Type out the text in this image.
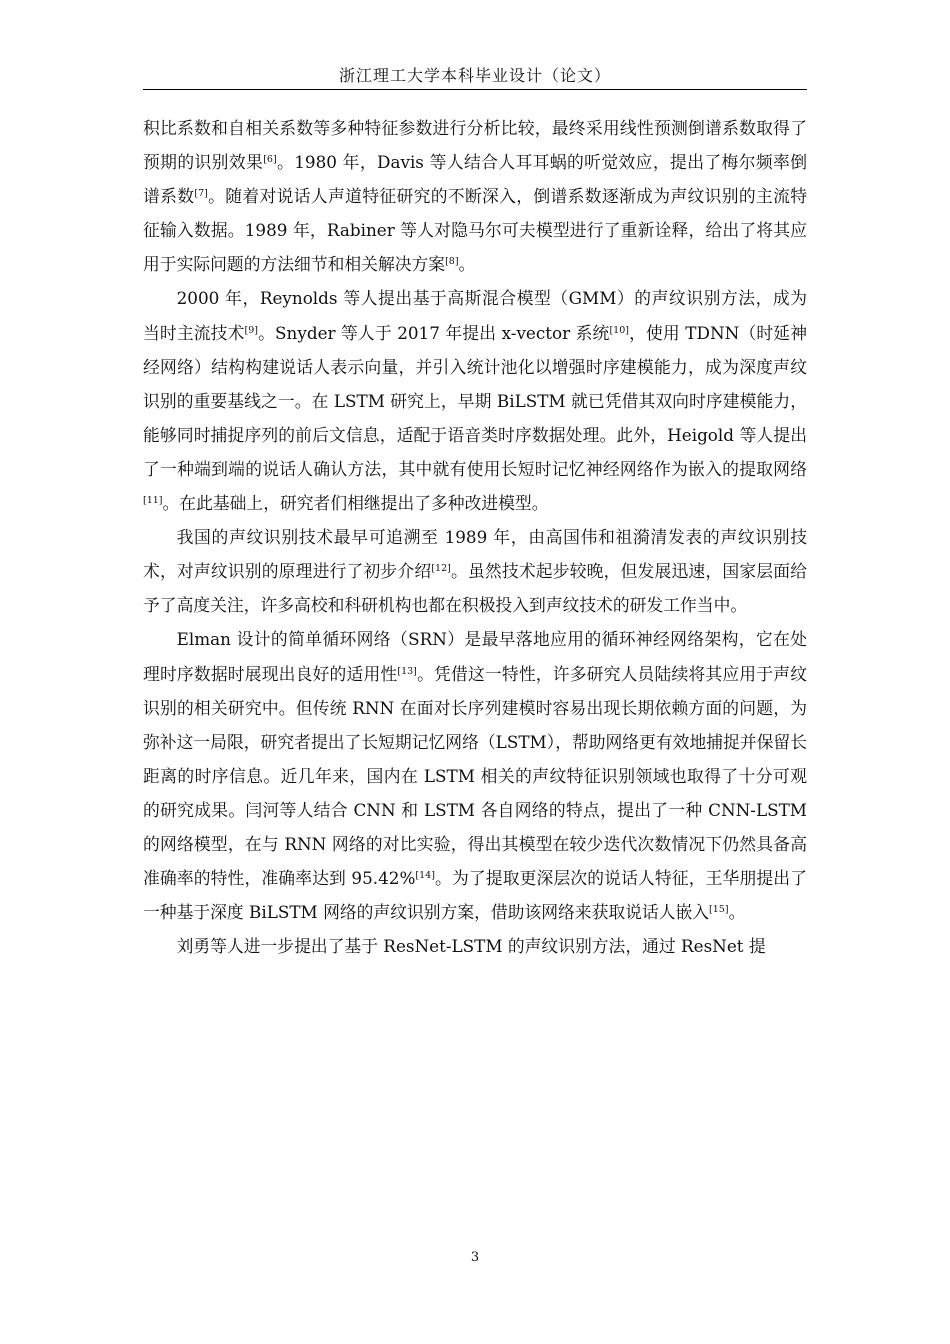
浙江理工大学本科毕业设计（论文）

积比系数和自相关系数等多种特征参数进行分析比较，最终采用线性预测倒谱系数取得了预期的识别效果[6]。1980 年，Davis 等人结合人耳耳蜗的听觉效应，提出了梅尔频率倒谱系数[7]。随着对说话人声道特征研究的不断深入，倒谱系数逐渐成为声纹识别的主流特征输入数据。1989 年，Rabiner 等人对隐马尔可夫模型进行了重新诠释，给出了将其应用于实际问题的方法细节和相关解决方案[8]。

2000 年，Reynolds 等人提出基于高斯混合模型（GMM）的声纹识别方法，成为当时主流技术[9]。Snyder 等人于 2017 年提出 x-vector 系统[10]，使用 TDNN（时延神经网络）结构构建说话人表示向量，并引入统计池化以增强时序建模能力，成为深度声纹识别的重要基线之一。在 LSTM 研究上，早期 BiLSTM 就已凭借其双向时序建模能力，能够同时捕捉序列的前后文信息，适配于语音类时序数据处理。此外，Heigold 等人提出了一种端到端的说话人确认方法，其中就有使用长短时记忆神经网络作为嵌入的提取网络[11]。在此基础上，研究者们相继提出了多种改进模型。

我国的声纹识别技术最早可追溯至 1989 年，由高国伟和祖漪清发表的声纹识别技术，对声纹识别的原理进行了初步介绍[12]。虽然技术起步较晚，但发展迅速，国家层面给予了高度关注，许多高校和科研机构也都在积极投入到声纹技术的研发工作当中。

Elman 设计的简单循环网络（SRN）是最早落地应用的循环神经网络架构，它在处理时序数据时展现出良好的适用性[13]。凭借这一特性，许多研究人员陆续将其应用于声纹识别的相关研究中。但传统 RNN 在面对长序列建模时容易出现长期依赖方面的问题，为弥补这一局限，研究者提出了长短期记忆网络（LSTM），帮助网络更有效地捕捉并保留长距离的时序信息。近几年来，国内在 LSTM 相关的声纹特征识别领域也取得了十分可观的研究成果。闫河等人结合 CNN 和 LSTM 各自网络的特点，提出了一种 CNN-LSTM 的网络模型，在与 RNN 网络的对比实验，得出其模型在较少迭代次数情况下仍然具备高准确率的特性，准确率达到 95.42%[14]。为了提取更深层次的说话人特征，王华朋提出了一种基于深度 BiLSTM 网络的声纹识别方案，借助该网络来获取说话人嵌入[15]。

刘勇等人进一步提出了基于 ResNet-LSTM 的声纹识别方法，通过 ResNet 提

3
